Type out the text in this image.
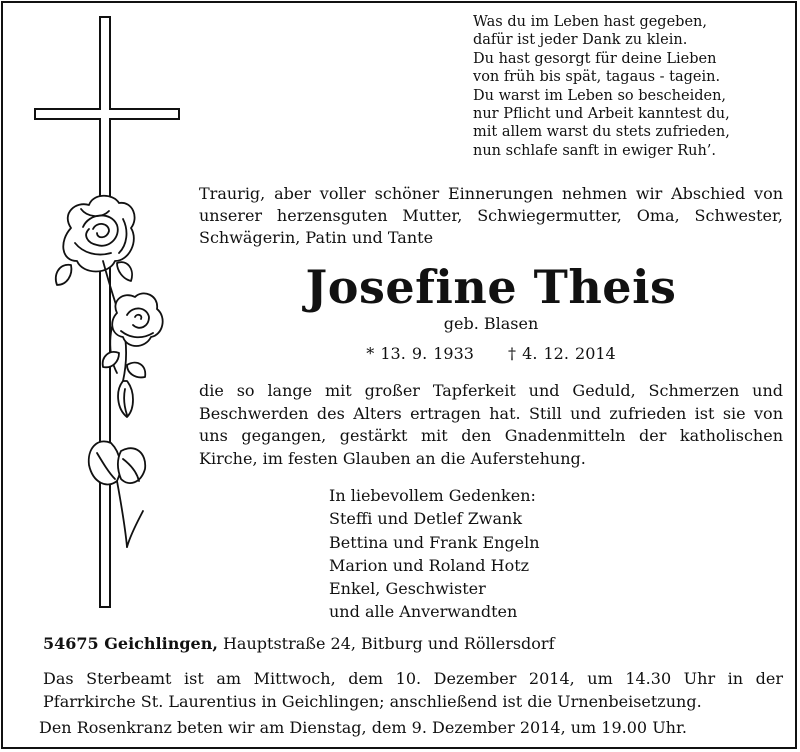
Was du im Leben hast gegeben,
dafür ist jeder Dank zu klein.
Du hast gesorgt für deine Lieben
von früh bis spät, tagaus - tagein.
Du warst im Leben so bescheiden,
nur Pflicht und Arbeit kanntest du,
mit allem warst du stets zufrieden,
nun schlafe sanft in ewiger Ruh’.
Traurig, aber voller schöner Einnerungen nehmen wir Abschied von unserer herzensguten Mutter, Schwiegermutter, Oma, Schwester, Schwägerin, Patin und Tante
Josefine Theis
geb. Blasen
* 13. 9. 1933 † 4. 12. 2014
die so lange mit großer Tapferkeit und Geduld, Schmerzen und Beschwerden des Alters ertragen hat. Still und zufrieden ist sie von uns gegangen, gestärkt mit den Gnadenmitteln der katholischen Kirche, im festen Glauben an die Auferstehung.
In liebevollem Gedenken:
Steffi und Detlef Zwank
Bettina und Frank Engeln
Marion und Roland Hotz
Enkel, Geschwister
und alle Anverwandten
54675 Geichlingen, Hauptstraße 24, Bitburg und Röllersdorf
Das Sterbeamt ist am Mittwoch, dem 10. Dezember 2014, um 14.30 Uhr in der Pfarrkirche St. Laurentius in Geichlingen; anschließend ist die Urnenbeisetzung.
Den Rosenkranz beten wir am Dienstag, dem 9. Dezember 2014, um 19.00 Uhr.
